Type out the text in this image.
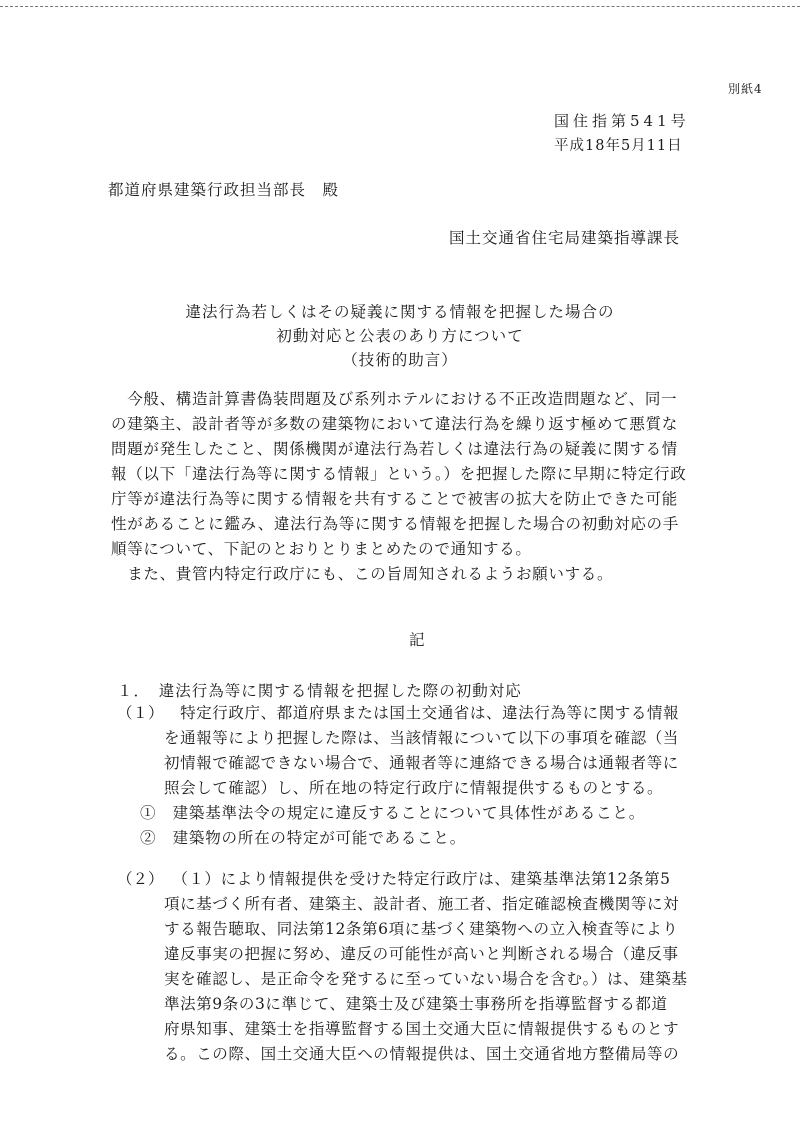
別紙4
国住指第541号
平成18年5月11日
都道府県建築行政担当部長　殿
国土交通省住宅局建築指導課長
違法行為若しくはその疑義に関する情報を把握した場合の
初動対応と公表のあり方について
（技術的助言）
　今般、構造計算書偽装問題及び系列ホテルにおける不正改造問題など、同一
の建築主、設計者等が多数の建築物において違法行為を繰り返す極めて悪質な
問題が発生したこと、関係機関が違法行為若しくは違法行為の疑義に関する情
報（以下「違法行為等に関する情報」という。）を把握した際に早期に特定行政
庁等が違法行為等に関する情報を共有することで被害の拡大を防止できた可能
性があることに鑑み、違法行為等に関する情報を把握した場合の初動対応の手
順等について、下記のとおりとりまとめたので通知する。
　また、貴管内特定行政庁にも、この旨周知されるようお願いする。
記
１．　違法行為等に関する情報を把握した際の初動対応
（１） 　特定行政庁、都道府県または国土交通省は、違法行為等に関する情報
を通報等により把握した際は、当該情報について以下の事項を確認（当
初情報で確認できない場合で、通報者等に連絡できる場合は通報者等に
照会して確認）し、所在地の特定行政庁に情報提供するものとする。
①　建築基準法令の規定に違反することについて具体性があること。
②　建築物の所在の特定が可能であること。
（２） 　（１）により情報提供を受けた特定行政庁は、建築基準法第12条第5
項に基づく所有者、建築主、設計者、施工者、指定確認検査機関等に対
する報告聴取、同法第12条第6項に基づく建築物への立入検査等により
違反事実の把握に努め、違反の可能性が高いと判断される場合（違反事
実を確認し、是正命令を発するに至っていない場合を含む。）は、建築基
準法第9条の3に準じて、建築士及び建築士事務所を指導監督する都道
府県知事、建築士を指導監督する国土交通大臣に情報提供するものとす
る。この際、国土交通大臣への情報提供は、国土交通省地方整備局等の
